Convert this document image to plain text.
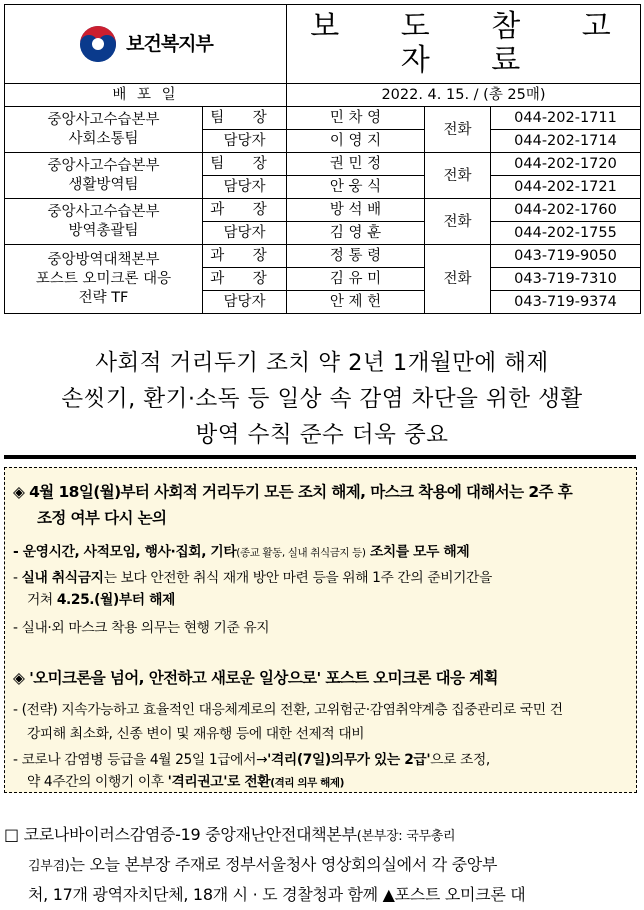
보건복지부		보 도 참 고 자 료		

배 포 일		2022. 4. 15. / (총 25매)		

중앙사고수습본부
사회소통팀	팀 장	민 차 영	전화	044-202-1711
	담당자	이 영 지		044-202-1714

중앙사고수습본부
생활방역팀	팀 장	권 민 정	전화	044-202-1720
	담당자	안 웅 식		044-202-1721

중앙사고수습본부
방역총괄팀	과 장	방 석 배	전화	044-202-1760
	담당자	김 영 훈		044-202-1755

중앙방역대책본부
포스트 오미크론 대응
전략 TF	과 장	정 통 령	전화	043-719-9050
	과 장	김 유 미		043-719-7310
	담당자	안 제 헌		043-719-9374
사회적 거리두기 조치 약 2년 1개월만에 해제
손씻기, 환기·소독 등 일상 속 감염 차단을 위한 생활
방역 수칙 준수 더욱 중요

◈ 4월 18일(월)부터 사회적 거리두기 모든 조치 해제, 마스크 착용에 대해서는 2주 후

조정 여부 다시 논의

- 운영시간, 사적모임, 행사·집회, 기타(종교 활동, 실내 취식금지 등) 조치를 모두 해제

- 실내 취식금지는 보다 안전한 취식 재개 방안 마련 등을 위해 1주 간의 준비기간을

거쳐 4.25.(월)부터 해제

- 실내·외 마스크 착용 의무는 현행 기준 유지

◈ '오미크론을 넘어, 안전하고 새로운 일상으로' 포스트 오미크론 대응 계획

- (전략) 지속가능하고 효율적인 대응체계로의 전환, 고위험군·감염취약계층 집중관리로 국민 건

강피해 최소화, 신종 변이 및 재유행 등에 대한 선제적 대비

- 코로나 감염병 등급을 4월 25일 1급에서→'격리(7일)의무가 있는 2급'으로 조정,

약 4주간의 이행기 이후 '격리권고'로 전환(격리 의무 해제)

□ 코로나바이러스감염증-19 중앙재난안전대책본부(본부장: 국무총리

김부겸)는 오늘 본부장 주재로 정부서울청사 영상회의실에서 각 중앙부

처, 17개 광역자치단체, 18개 시 · 도 경찰청과 함께 ▲포스트 오미크론 대
